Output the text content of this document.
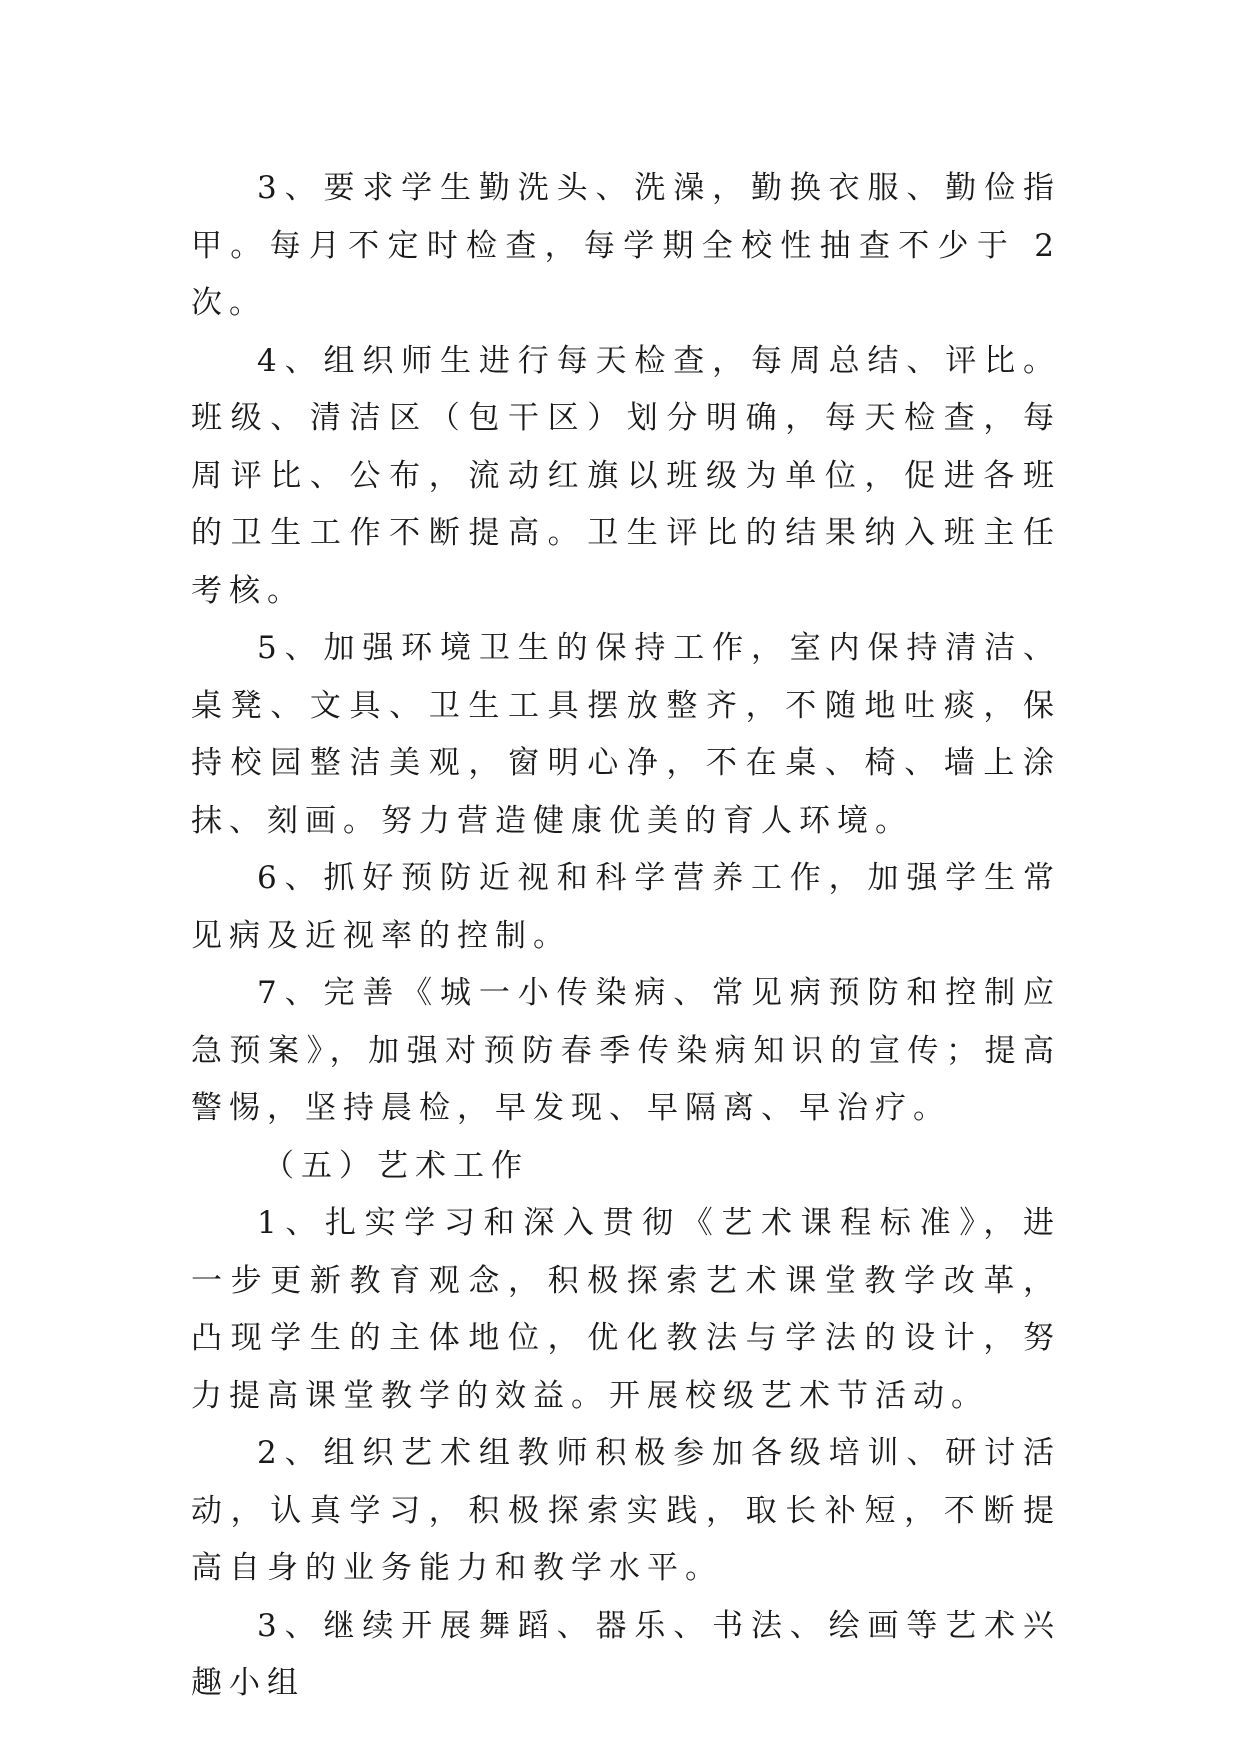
3、要求学生勤洗头、洗澡，勤换衣服、勤俭指甲。每月不定时检查，每学期全校性抽查不少于 2 次。

4、组织师生进行每天检查，每周总结、评比。班级、清洁区（包干区）划分明确，每天检查，每周评比、公布，流动红旗以班级为单位，促进各班的卫生工作不断提高。卫生评比的结果纳入班主任考核。

5、加强环境卫生的保持工作，室内保持清洁、桌凳、文具、卫生工具摆放整齐，不随地吐痰，保持校园整洁美观，窗明心净，不在桌、椅、墙上涂抹、刻画。努力营造健康优美的育人环境。

6、抓好预防近视和科学营养工作，加强学生常见病及近视率的控制。

7、完善《城一小传染病、常见病预防和控制应急预案》，加强对预防春季传染病知识的宣传；提高警惕，坚持晨检，早发现、早隔离、早治疗。

（五）艺术工作

1、扎实学习和深入贯彻《艺术课程标准》，进一步更新教育观念，积极探索艺术课堂教学改革，凸现学生的主体地位，优化教法与学法的设计，努力提高课堂教学的效益。开展校级艺术节活动。

2、组织艺术组教师积极参加各级培训、研讨活动，认真学习，积极探索实践，取长补短，不断提高自身的业务能力和教学水平。

3、继续开展舞蹈、器乐、书法、绘画等艺术兴趣小组
